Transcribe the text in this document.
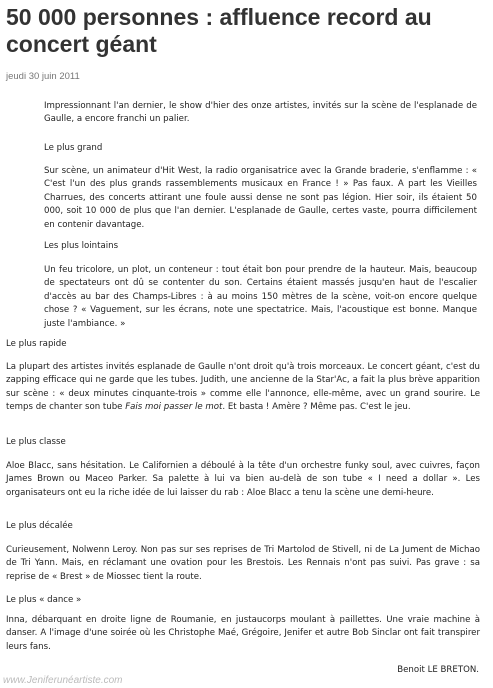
50 000 personnes : affluence record au concert géant
jeudi 30 juin 2011

Impressionnant l'an dernier, le show d'hier des onze artistes, invités sur la scène de l'esplanade de Gaulle, a encore franchi un palier.

Le plus grand

Sur scène, un animateur d'Hit West, la radio organisatrice avec la Grande braderie, s'enflamme : « C'est l'un des plus grands rassemblements musicaux en France ! » Pas faux. A part les Vieilles Charrues, des concerts attirant une foule aussi dense ne sont pas légion. Hier soir, ils étaient 50 000, soit 10 000 de plus que l'an dernier. L'esplanade de Gaulle, certes vaste, pourra difficilement en contenir davantage.

Les plus lointains

Un feu tricolore, un plot, un conteneur : tout était bon pour prendre de la hauteur. Mais, beaucoup de spectateurs ont dû se contenter du son. Certains étaient massés jusqu'en haut de l'escalier d'accès au bar des Champs-Libres : à au moins 150 mètres de la scène, voit-on encore quelque chose ? « Vaguement, sur les écrans, note une spectatrice. Mais, l'acoustique est bonne. Manque juste l'ambiance. »

Le plus rapide

La plupart des artistes invités esplanade de Gaulle n'ont droit qu'à trois morceaux. Le concert géant, c'est du zapping efficace qui ne garde que les tubes. Judith, une ancienne de la Star'Ac, a fait la plus brève apparition sur scène : « deux minutes cinquante-trois » comme elle l'annonce, elle-même, avec un grand sourire. Le temps de chanter son tube Fais moi passer le mot. Et basta ! Amère ? Même pas. C'est le jeu.

Le plus classe

Aloe Blacc, sans hésitation. Le Californien a déboulé à la tête d'un orchestre funky soul, avec cuivres, façon James Brown ou Maceo Parker. Sa palette à lui va bien au-delà de son tube « I need a dollar ». Les organisateurs ont eu la riche idée de lui laisser du rab : Aloe Blacc a tenu la scène une demi-heure.

Le plus décalée

Curieusement, Nolwenn Leroy. Non pas sur ses reprises de Tri Martolod de Stivell, ni de La Jument de Michao de Tri Yann. Mais, en réclamant une ovation pour les Brestois. Les Rennais n'ont pas suivi. Pas grave : sa reprise de « Brest » de Miossec tient la route.

Le plus « dance »

Inna, débarquant en droite ligne de Roumanie, en justaucorps moulant à paillettes. Une vraie machine à danser. A l'image d'une soirée où les Christophe Maé, Grégoire, Jenifer et autre Bob Sinclar ont fait transpirer leurs fans.

Benoit LE BRETON.
www.Jeniferunéartiste.com
